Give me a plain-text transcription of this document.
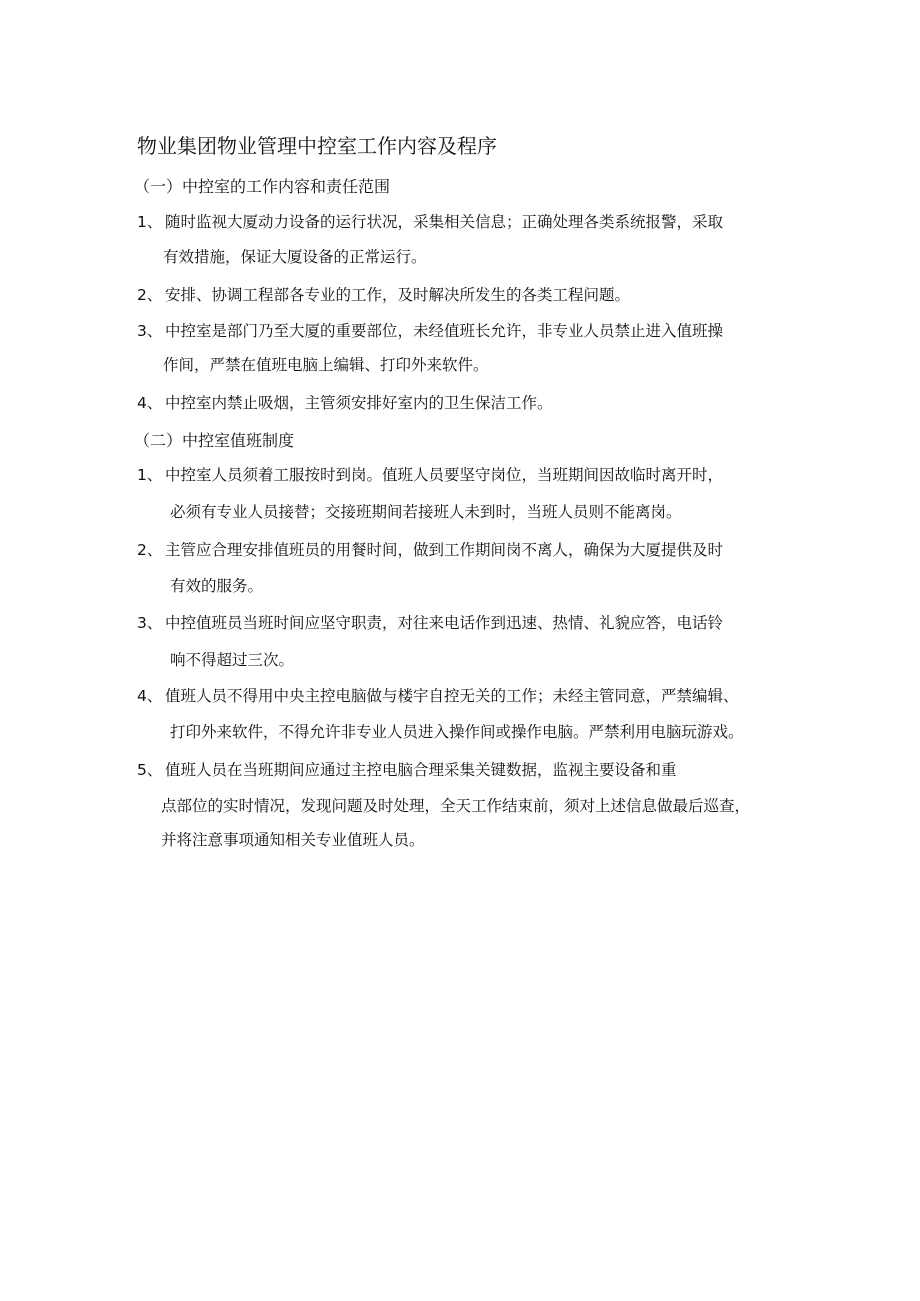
物业集团物业管理中控室工作内容及程序
（一）中控室的工作内容和责任范围
1、 随时监视大厦动力设备的运行状况，采集相关信息；正确处理各类系统报警，采取
有效措施，保证大厦设备的正常运行。
2、 安排、协调工程部各专业的工作，及时解决所发生的各类工程问题。
3、 中控室是部门乃至大厦的重要部位，未经值班长允许，非专业人员禁止进入值班操
作间，严禁在值班电脑上编辑、打印外来软件。
4、 中控室内禁止吸烟，主管须安排好室内的卫生保洁工作。
（二）中控室值班制度
1、 中控室人员须着工服按时到岗。值班人员要坚守岗位，当班期间因故临时离开时，
必须有专业人员接替；交接班期间若接班人未到时，当班人员则不能离岗。
2、 主管应合理安排值班员的用餐时间，做到工作期间岗不离人，确保为大厦提供及时
有效的服务。
3、 中控值班员当班时间应坚守职责，对往来电话作到迅速、热情、礼貌应答，电话铃
响不得超过三次。
4、 值班人员不得用中央主控电脑做与楼宇自控无关的工作；未经主管同意，严禁编辑、
打印外来软件，不得允许非专业人员进入操作间或操作电脑。严禁利用电脑玩游戏。
5、 值班人员在当班期间应通过主控电脑合理采集关键数据，监视主要设备和重
点部位的实时情况，发现问题及时处理，全天工作结束前，须对上述信息做最后巡查，
并将注意事项通知相关专业值班人员。
